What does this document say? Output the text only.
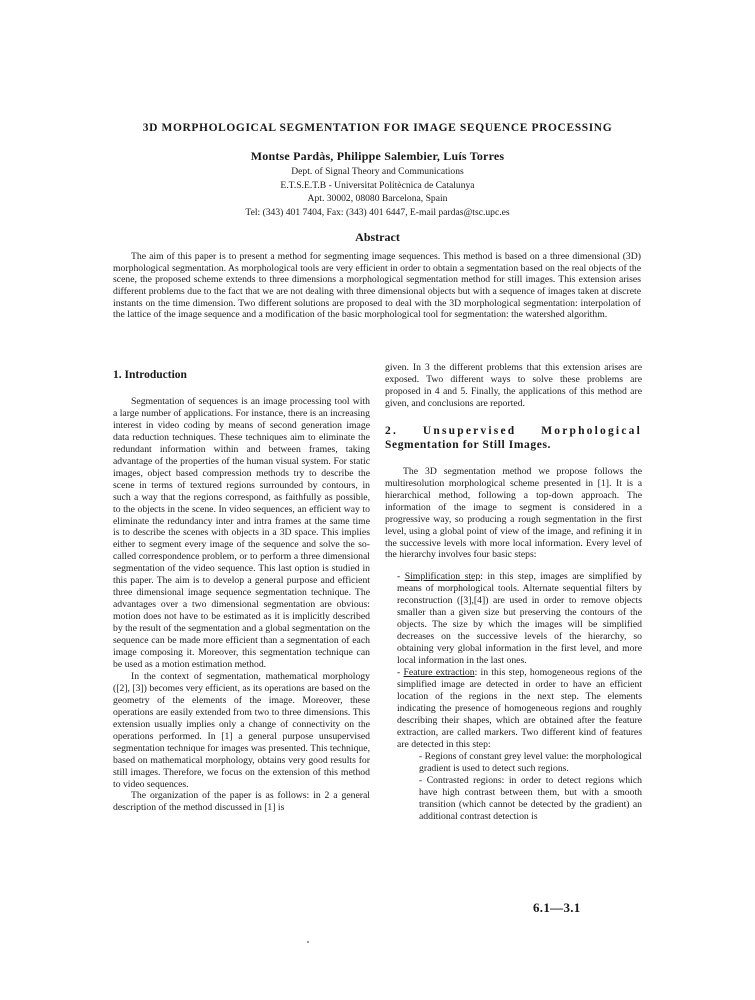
3D MORPHOLOGICAL SEGMENTATION FOR IMAGE SEQUENCE PROCESSING
Montse Pardàs, Philippe Salembier, Luís Torres
Dept. of Signal Theory and Communications
E.T.S.E.T.B - Universitat Politècnica de Catalunya
Apt. 30002, 08080 Barcelona, Spain
Tel: (343) 401 7404, Fax: (343) 401 6447, E-mail pardas@tsc.upc.es
Abstract

The aim of this paper is to present a method for segmenting image sequences. This method is based on a three dimensional (3D) morphological segmentation. As morphological tools are very efficient in order to obtain a segmentation based on the real objects of the scene, the proposed scheme extends to three dimensions a morphological segmentation method for still images. This extension arises different problems due to the fact that we are not dealing with three dimensional objects but with a sequence of images taken at discrete instants on the time dimension. Two different solutions are proposed to deal with the 3D morphological segmentation: interpolation of the lattice of the image sequence and a modification of the basic morphological tool for segmentation: the watershed algorithm.

1. Introduction

Segmentation of sequences is an image processing tool with a large number of applications. For instance, there is an increasing interest in video coding by means of second generation image data reduction techniques. These techniques aim to eliminate the redundant information within and between frames, taking advantage of the properties of the human visual system. For static images, object based compression methods try to describe the scene in terms of textured regions surrounded by contours, in such a way that the regions correspond, as faithfully as possible, to the objects in the scene. In video sequences, an efficient way to eliminate the redundancy inter and intra frames at the same time is to describe the scenes with objects in a 3D space. This implies either to segment every image of the sequence and solve the so-called correspondence problem, or to perform a three dimensional segmentation of the video sequence. This last option is studied in this paper. The aim is to develop a general purpose and efficient three dimensional image sequence segmentation technique. The advantages over a two dimensional segmentation are obvious: motion does not have to be estimated as it is implicitly described by the result of the segmentation and a global segmentation on the sequence can be made more efficient than a segmentation of each image composing it. Moreover, this segmentation technique can be used as a motion estimation method.

In the context of segmentation, mathematical morphology ([2], [3]) becomes very efficient, as its operations are based on the geometry of the elements of the image. Moreover, these operations are easily extended from two to three dimensions. This extension usually implies only a change of connectivity on the operations performed. In [1] a general purpose unsupervised segmentation technique for images was presented. This technique, based on mathematical morphology, obtains very good results for still images. Therefore, we focus on the extension of this method to video sequences.

The organization of the paper is as follows: in 2 a general description of the method discussed in [1] is

given. In 3 the different problems that this extension arises are exposed. Two different ways to solve these problems are proposed in 4 and 5. Finally, the applications of this method are given, and conclusions are reported.

2. Unsupervised Morphological
Segmentation for Still Images.

The 3D segmentation method we propose follows the multiresolution morphological scheme presented in [1]. It is a hierarchical method, following a top-down approach. The information of the image to segment is considered in a progressive way, so producing a rough segmentation in the first level, using a global point of view of the image, and refining it in the successive levels with more local information. Every level of the hierarchy involves four basic steps:

- Simplification step: in this step, images are simplified by means of morphological tools. Alternate sequential filters by reconstruction ([3],[4]) are used in order to remove objects smaller than a given size but preserving the contours of the objects. The size by which the images will be simplified decreases on the successive levels of the hierarchy, so obtaining very global information in the first level, and more local information in the last ones.

- Feature extraction: in this step, homogeneous regions of the simplified image are detected in order to have an efficient location of the regions in the next step. The elements indicating the presence of homogeneous regions and roughly describing their shapes, which are obtained after the feature extraction, are called markers. Two different kind of features are detected in this step:

- Regions of constant grey level value: the morphological gradient is used to detect such regions.

- Contrasted regions: in order to detect regions which have high contrast between them, but with a smooth transition (which cannot be detected by the gradient) an additional contrast detection is

6.1—3.1
